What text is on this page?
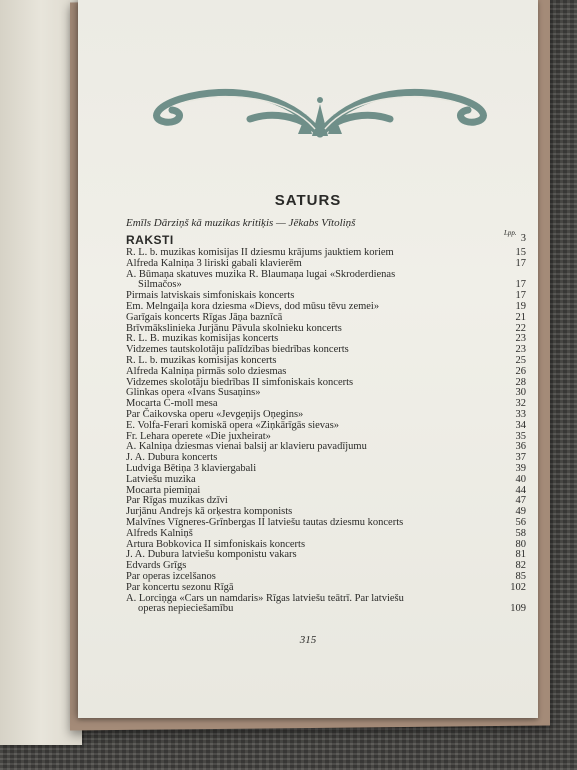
SATURS
Emīls Dārziņš kā muzikas kritiķis — Jēkabs Vītoliņš
Lpp. 3
RAKSTI
R. L. b. muzikas komisijas II dziesmu krājums jauktiem koriem	15
Alfreda Kalniņa 3 liriski gabali klavierēm	17
A. Būmaņa skatuves muzika R. Blaumaņa lugai «Skroderdienas
Silmačos»	17
Pirmais latviskais simfoniskais koncerts	17
Em. Melngaiļa kora dziesma «Dievs, dod mūsu tēvu zemei»	19
Garīgais koncerts Rīgas Jāņa baznīcā	21
Brīvmākslinieka Jurjānu Pāvula skolnieku koncerts	22
R. L. B. muzikas komisijas koncerts	23
Vidzemes tautskolotāju palīdzības biedrības koncerts	23
R. L. b. muzikas komisijas koncerts	25
Alfreda Kalniņa pirmās solo dziesmas	26
Vidzemes skolotāju biedrības II simfoniskais koncerts	28
Glinkas opera «Ivans Susaņins»	30
Mocarta C-moll mesa	32
Par Čaikovska operu «Jevgeņijs Oņegins»	33
E. Volfa-Ferari komiskā opera «Ziņkārīgās sievas»	34
Fr. Lehara operete «Die juxheirat»	35
A. Kalniņa dziesmas vienai balsij ar klavieru pavadījumu	36
J. A. Dubura koncerts	37
Ludviga Bētiņa 3 klaviergabali	39
Latviešu muzika	40
Mocarta piemiņai	44
Par Rīgas muzikas dzīvi	47
Jurjānu Andrejs kā orķestra komponists	49
Malvīnes Vīgneres-Grīnbergas II latviešu tautas dziesmu koncerts	56
Alfreds Kalniņš	58
Artura Bobkovica II simfoniskais koncerts	80
J. A. Dubura latviešu komponistu vakars	81
Edvards Grīgs	82
Par operas izcelšanos	85
Par koncertu sezonu Rīgā	102
A. Lorciņga «Cars un namdaris» Rīgas latviešu teātrī. Par latviešu
operas nepieciešamību	109
315
